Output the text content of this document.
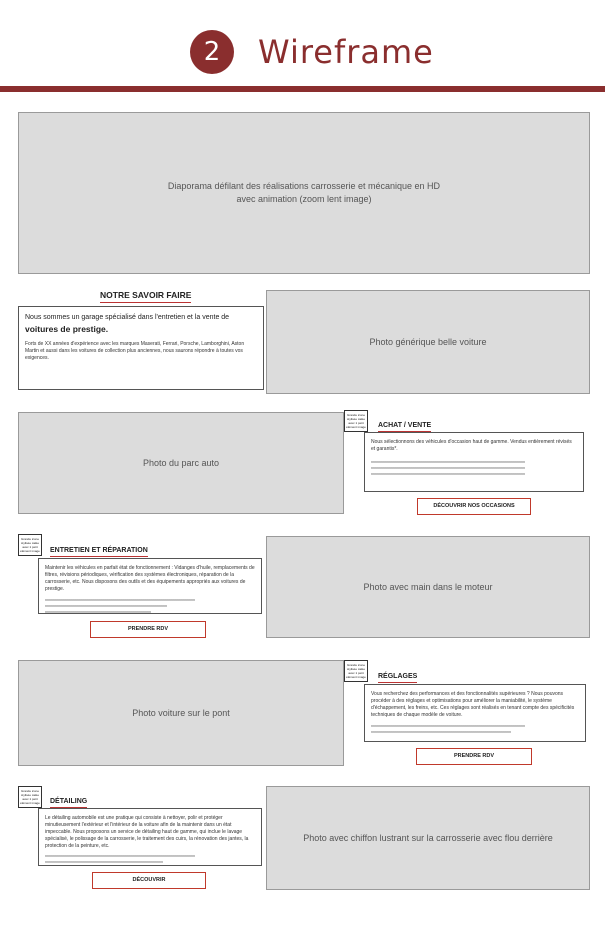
2	Wireframe
Diaporama défilant des réalisations carrosserie et mécanique en HD
avec animation (zoom lent image)
NOTRE SAVOIR FAIRE
Nous sommes un garage spécialisé dans l'entretien et la vente de
voitures de prestige.
Forts de XX années d'expérience avec les marques Maserati, Ferrari, Porsche, Lamborghini, Aston Martin et aussi dans les voitures de collection plus anciennes, nous saurons répondre à toutes vos exigences.
Photo générique belle voiture
Photo du parc auto
Grande icone stylisée calée avec 1 petit élément image	ACHAT / VENTE
Nous sélectionnons des véhicules d'occasion haut de gamme. Vendus entièrement révisés et garantis*.
xxxxxxxxxxxxxxxxxxxxxxxxxxxxxxxxxxxxxxxxxxxxxxxxxxxxxxxxxxxxxxxxxxxxxxxxxxxxx
xxxxxxxxxxxxxxxxxxxxxxxxxxxxxxxxxxxxxxxxxxxxxxxxxxxxxxxxxxxxxxxxxxxxxxxxxxxxx
xxxxxxxxxxxxxxxxxxxxxxxxxxxxxxxxxxxxxxxxxxxxxxxxxxxxxxxxxxxxxxxxxxxxxxxxxxxxx
DÉCOUVRIR NOS OCCASIONS
Grande icone stylisée calée avec 1 petit élément image	ENTRETIEN ET RÉPARATION
Maintenir les véhicules en parfait état de fonctionnement : Vidanges d'huile, remplacements de filtres, révisions périodiques, vérification des systèmes électroniques, réparation de la carrosserie, etc. Nous disposons des outils et des équipements appropriés aux voitures de prestige.
xxxxxxxxxxxxxxxxxxxxxxxxxxxxxxxxxxxxxxxxxxxxxxxxxxxxxxxxxxxxxxxxxxxxxxxxxxx
xxxxxxxxxxxxxxxxxxxxxxxxxxxxxxxxxxxxxxxxxxxxxxxxxxxxxxxxxxxxx
xxxxxxxxxxxxxxxxxxxxxxxxxxxxxxxxxxxxxxxxxxxxxxxxxxxxx
PRENDRE RDV
Photo avec main dans le moteur
Photo voiture sur le pont
Grande icone stylisée calée avec 1 petit élément image	RÉGLAGES
Vous recherchez des performances et des fonctionnalités supérieures ? Nous pouvons procéder à des réglages et optimisations pour améliorer la maniabilité, le système d'échappement, les freins, etc. Ces réglages sont réalisés en tenant compte des spécificités techniques de chaque modèle de voiture.
xxxxxxxxxxxxxxxxxxxxxxxxxxxxxxxxxxxxxxxxxxxxxxxxxxxxxxxxxxxxxxxxxxxxxxxxxxxxx
xxxxxxxxxxxxxxxxxxxxxxxxxxxxxxxxxxxxxxxxxxxxxxxxxxxxxxxxxxxxxxxxxxxxxx
PRENDRE RDV
Grande icone stylisée calée avec 1 petit élément image	DÉTAILING
Le détailing automobile est une pratique qui consiste à nettoyer, polir et protéger minutieusement l'extérieur et l'intérieur de la voiture afin de la maintenir dans un état impeccable. Nous proposons un service de détailing haut de gamme, qui inclue le lavage spécialisé, le polissage de la carrosserie, le traitement des cuirs, la rénovation des jantes, la protection de la peinture, etc.
xxxxxxxxxxxxxxxxxxxxxxxxxxxxxxxxxxxxxxxxxxxxxxxxxxxxxxxxxxxxxxxxxxxxxxxxxxx
xxxxxxxxxxxxxxxxxxxxxxxxxxxxxxxxxxxxxxxxxxxxxxxxxxxxxxxxxxx
DÉCOUVRIR
Photo avec chiffon lustrant sur la carrosserie avec flou derrière
